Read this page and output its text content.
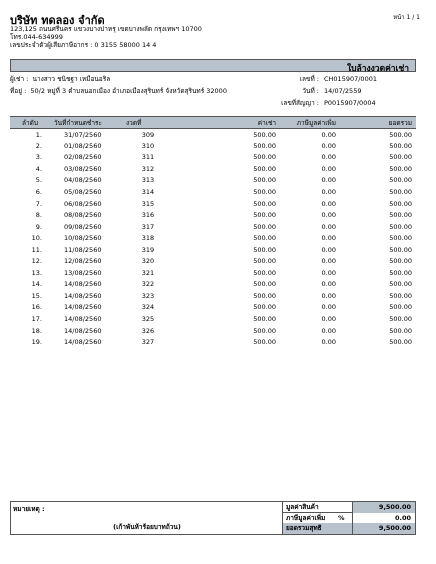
หน้า 1 / 1
บริษัท ทดลอง จำกัด
123,125 ถนนศรีนคร แขวงบางปาหรุ เขตบางพลัด กรุงเทพฯ 10700
โทร.044-634999
เลขประจำตัวผู้เสียภาษีอากร : 0 3155 58000 14 4
ใบล้างงวดค่าเช่า
ผู้เช่า : นางสาว ชนิชฐา เหมือนอริล
ที่อยู่ : 50/2 หมู่ที่ 3 ตำบลนอกเมือง อำเภอเมืองสุรินทร์ จังหวัดสุรินทร์ 32000
เลขที่ : CH015907/0001
วันที่ : 14/07/2559
เลขที่สัญญา : P0015907/0004
ลำดับ	วันที่กำหนดชำระ	งวดที่	ค่าเช่า	ภาษีมูลค่าเพิ่ม	ยอดรวม
1.	31/07/2560	309	500.00	0.00	500.00
2.	01/08/2560	310	500.00	0.00	500.00
3.	02/08/2560	311	500.00	0.00	500.00
4.	03/08/2560	312	500.00	0.00	500.00
5.	04/08/2560	313	500.00	0.00	500.00
6.	05/08/2560	314	500.00	0.00	500.00
7.	06/08/2560	315	500.00	0.00	500.00
8.	08/08/2560	316	500.00	0.00	500.00
9.	09/08/2560	317	500.00	0.00	500.00
10.	10/08/2560	318	500.00	0.00	500.00
11.	11/08/2560	319	500.00	0.00	500.00
12.	12/08/2560	320	500.00	0.00	500.00
13.	13/08/2560	321	500.00	0.00	500.00
14.	14/08/2560	322	500.00	0.00	500.00
15.	14/08/2560	323	500.00	0.00	500.00
16.	14/08/2560	324	500.00	0.00	500.00
17.	14/08/2560	325	500.00	0.00	500.00
18.	14/08/2560	326	500.00	0.00	500.00
19.	14/08/2560	327	500.00	0.00	500.00
หมายเหตุ :
(เก้าพันห้าร้อยบาทถ้วน)
มูลค่าสินค้า	9,500.00
ภาษีมูลค่าเพิ่ม %	0.00
ยอดรวมสุทธิ	9,500.00
